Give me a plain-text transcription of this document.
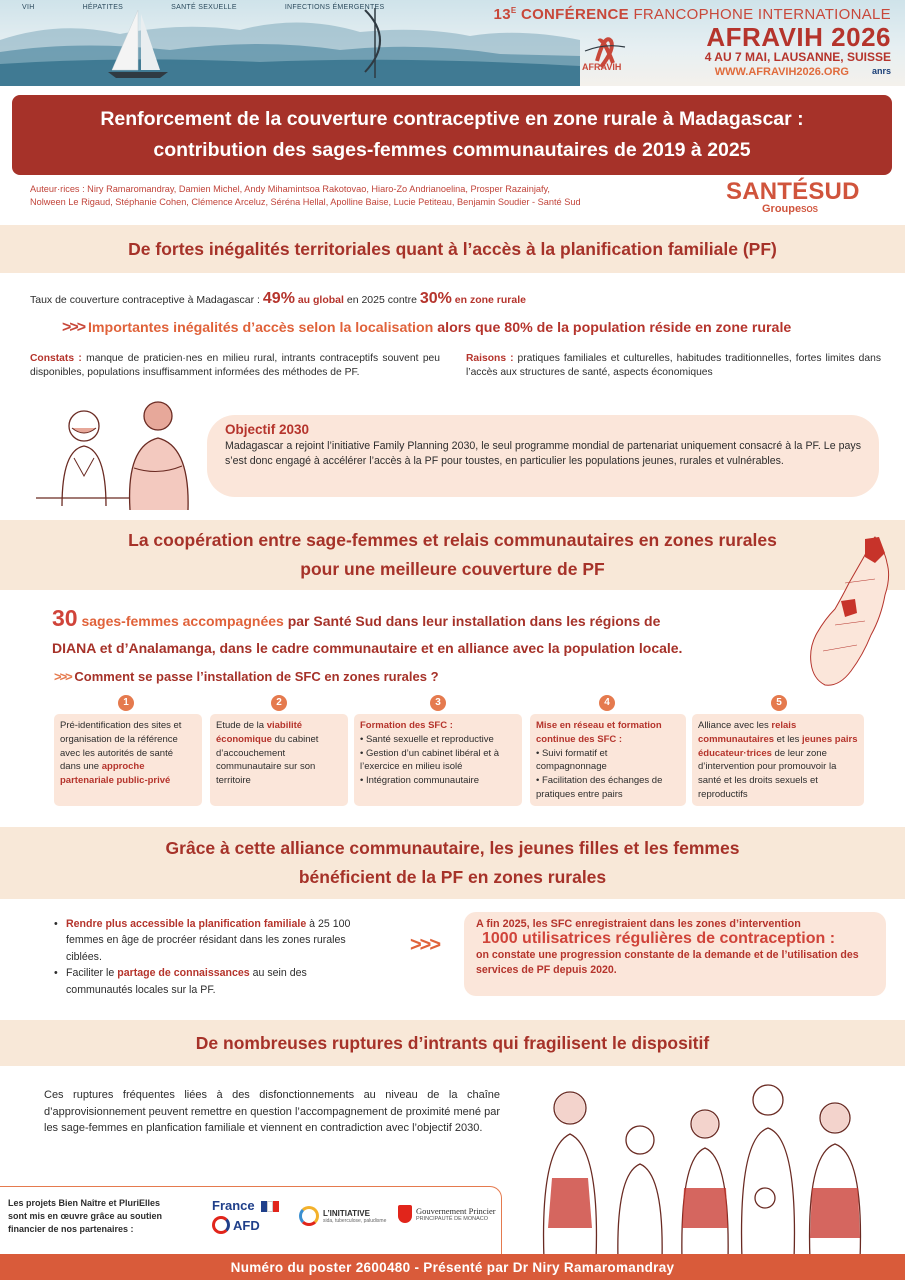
VIH	HÉPATITES	SANTÉ SEXUELLE	INFECTIONS ÉMERGENTES	$13^E$ CONFÉRENCE FRANCOPHONE INTERNATIONALE
AFRAVIH
AFRAVIH 2026
4 AU 7 MAI, LAUSANNE, SUISSE
WWW.AFRAVIH2026.ORG	anrs
Renforcement de la couverture contraceptive en zone rurale à Madagascar :
contribution des sages-femmes communautaires de 2019 à 2025
Auteur·rices : Niry Ramaromandray, Damien Michel, Andy Mihamintsoa Rakotovao, Hiaro-Zo Andrianoelina, Prosper Razainjafy,
Nolween Le Rigaud, Stéphanie Cohen, Clémence Arceluz, Séréna Hellal, Apolline Baise, Lucie Petiteau, Benjamin Soudier - Santé Sud	SANTÉSUD
GroupeSOS
De fortes inégalités territoriales quant à l’accès à la planification familiale (PF)
Taux de couverture contraceptive à Madagascar : 49% au global en 2025 contre 30% en zone rurale
>>> Importantes inégalités d’accès selon la localisation alors que 80% de la population réside en zone rurale
Constats : manque de praticien·nes en milieu rural, intrants contraceptifs souvent peu disponibles, populations insuffisamment informées des méthodes de PF.
Raisons : pratiques familiales et culturelles, habitudes traditionnelles, fortes limites dans l’accès aux structures de santé, aspects économiques
Objectif 2030
Madagascar a rejoint l’initiative Family Planning 2030, le seul programme mondial de partenariat uniquement consacré à la PF. Le pays s’est donc engagé à accélérer l’accès à la PF pour toustes, en particulier les populations jeunes, rurales et vulnérables.
La coopération entre sage-femmes et relais communautaires en zones rurales
pour une meilleure couverture de PF
30 sages-femmes accompagnées par Santé Sud dans leur installation dans les régions de
DIANA et d’Analamanga, dans le cadre communautaire et en alliance avec la population locale.
>>> Comment se passe l’installation de SFC en zones rurales ?
1	2	3	4	5
Pré-identification des sites et organisation de la référence avec les autorités de santé dans une approche partenariale public-privé
Etude de la viabilité économique du cabinet d’accouchement communautaire sur son territoire
Formation des SFC :
• Santé sexuelle et reproductive
• Gestion d’un cabinet libéral et à l’exercice en milieu isolé
• Intégration communautaire
Mise en réseau et formation continue des SFC :
• Suivi formatif et compagnonnage
• Facilitation des échanges de pratiques entre pairs
Alliance avec les relais communautaires et les jeunes pairs éducateur·trices de leur zone d’intervention pour promouvoir la santé et les droits sexuels et reproductifs
Grâce à cette alliance communautaire, les jeunes filles et les femmes
bénéficient de la PF en zones rurales
• Rendre plus accessible la planification familiale à 25 100 femmes en âge de procréer résidant dans les zones rurales ciblées.
• Faciliter le partage de connaissances au sein des communautés locales sur la PF.
>>>
A fin 2025, les SFC enregistraient dans les zones d’intervention
1000 utilisatrices régulières de contraception :
on constate une progression constante de la demande et de l’utilisation des services de PF depuis 2020.
De nombreuses ruptures d’intrants qui fragilisent le dispositif
Ces ruptures fréquentes liées à des disfonctionnements au niveau de la chaîne d’approvisionnement peuvent remettre en question l’accompagnement de proximité mené par les sage-femmes en planfication familiale et viennent en contradiction avec l’objectif 2030.
Les projets Bien Naître et PluriElles sont mis en œuvre grâce au soutien financier de nos partenaires :
France
AFD
L’INITIATIVE
sida, tuberculose, paludisme
Gouvernement Princier
PRINCIPAUTÉ DE MONACO
Numéro du poster 2600480 - Présenté par Dr Niry Ramaromandray
